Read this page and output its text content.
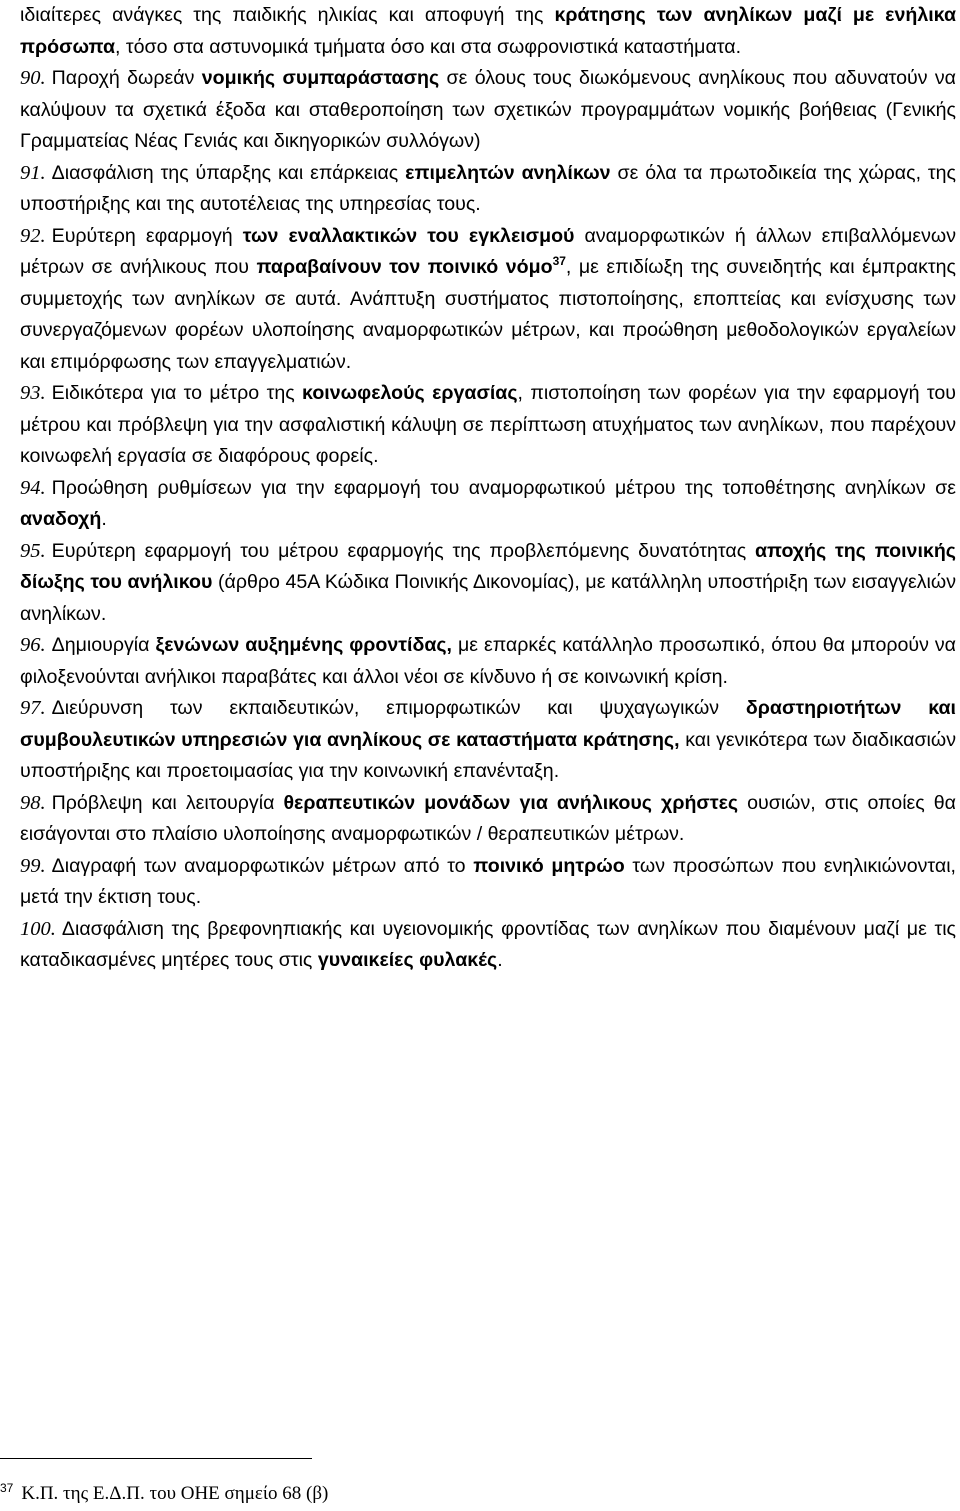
ιδιαίτερες ανάγκες της παιδικής ηλικίας και αποφυγή της κράτησης των ανηλίκων μαζί με ενήλικα πρόσωπα, τόσο στα αστυνομικά τμήματα όσο και στα σωφρονιστικά καταστήματα.

90. Παροχή δωρεάν νομικής συμπαράστασης σε όλους τους διωκόμενους ανηλίκους που αδυνατούν να καλύψουν τα σχετικά έξοδα και σταθεροποίηση των σχετικών προγραμμάτων νομικής βοήθειας (Γενικής Γραμματείας Νέας Γενιάς και δικηγορικών συλλόγων)

91. Διασφάλιση της ύπαρξης και επάρκειας επιμελητών ανηλίκων σε όλα τα πρωτοδικεία της χώρας, της υποστήριξης και της αυτοτέλειας της υπηρεσίας τους.

92. Ευρύτερη εφαρμογή των εναλλακτικών του εγκλεισμού αναμορφωτικών ή άλλων επιβαλλόμενων μέτρων σε ανήλικους που παραβαίνουν τον ποινικό νόμο$^{37}$, με επιδίωξη της συνειδητής και έμπρακτης συμμετοχής των ανηλίκων σε αυτά. Ανάπτυξη συστήματος πιστοποίησης, εποπτείας και ενίσχυσης των συνεργαζόμενων φορέων υλοποίησης αναμορφωτικών μέτρων, και προώθηση μεθοδολογικών εργαλείων και επιμόρφωσης των επαγγελματιών.

93. Ειδικότερα για το μέτρο της κοινωφελούς εργασίας, πιστοποίηση των φορέων για την εφαρμογή του μέτρου και πρόβλεψη για την ασφαλιστική κάλυψη σε περίπτωση ατυχήματος των ανηλίκων, που παρέχουν κοινωφελή εργασία σε διαφόρους φορείς.

94. Προώθηση ρυθμίσεων για την εφαρμογή του αναμορφωτικού μέτρου της τοποθέτησης ανηλίκων σε αναδοχή.

95. Ευρύτερη εφαρμογή του μέτρου εφαρμογής της προβλεπόμενης δυνατότητας αποχής της ποινικής δίωξης του ανήλικου (άρθρο 45Α Κώδικα Ποινικής Δικονομίας), με κατάλληλη υποστήριξη των εισαγγελιών ανηλίκων.

96. Δημιουργία ξενώνων αυξημένης φροντίδας, με επαρκές κατάλληλο προσωπικό, όπου θα μπορούν να φιλοξενούνται ανήλικοι παραβάτες και άλλοι νέοι σε κίνδυνο ή σε κοινωνική κρίση.

97. Διεύρυνση των εκπαιδευτικών, επιμορφωτικών και ψυχαγωγικών δραστηριοτήτων και συμβουλευτικών υπηρεσιών για ανηλίκους σε καταστήματα κράτησης, και γενικότερα των διαδικασιών υποστήριξης και προετοιμασίας για την κοινωνική επανένταξη.

98. Πρόβλεψη και λειτουργία θεραπευτικών μονάδων για ανήλικους χρήστες ουσιών, στις οποίες θα εισάγονται στο πλαίσιο υλοποίησης αναμορφωτικών / θεραπευτικών μέτρων.

99. Διαγραφή των αναμορφωτικών μέτρων από το ποινικό μητρώο των προσώπων που ενηλικιώνονται, μετά την έκτιση τους.

100. Διασφάλιση της βρεφονηπιακής και υγειονομικής φροντίδας των ανηλίκων που διαμένουν μαζί με τις καταδικασμένες μητέρες τους στις γυναικείες φυλακές.

$^{37}$ Κ.Π. της Ε.Δ.Π. του ΟΗΕ σημείο 68 (β)
